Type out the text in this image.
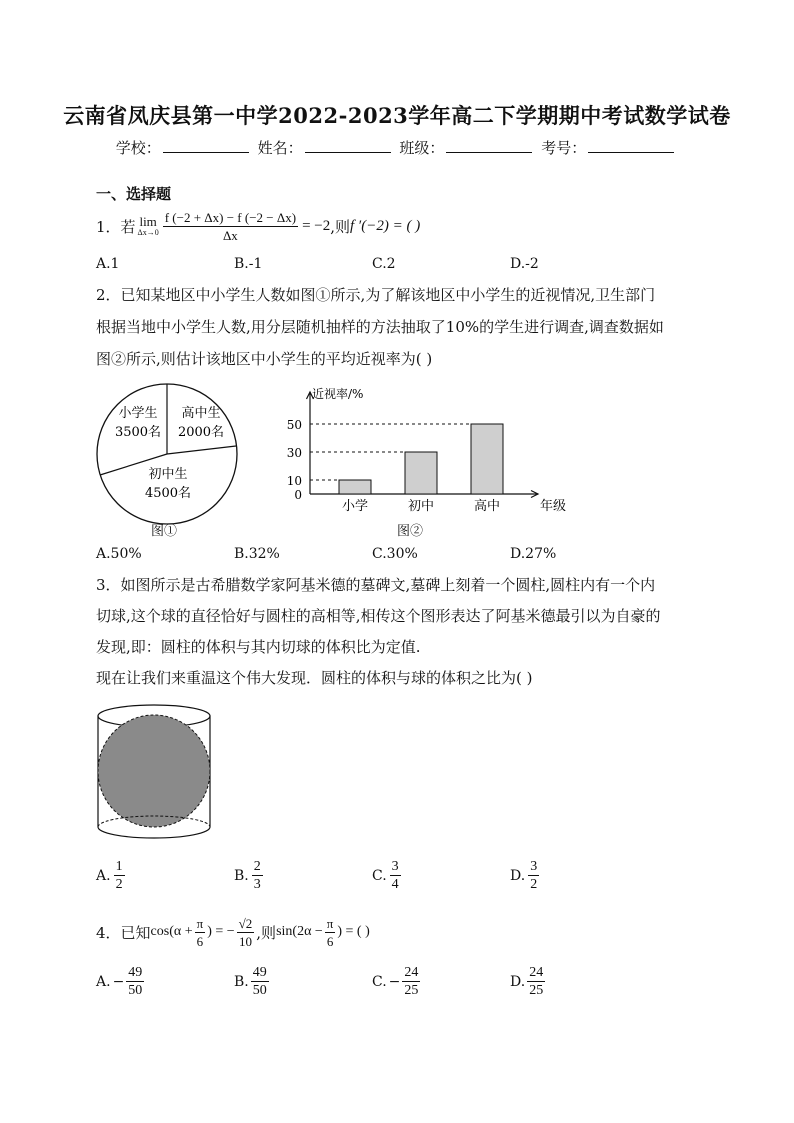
云南省凤庆县第一中学2022-2023学年高二下学期期中考试数学试卷
学校：	姓名：	班级：	考号：
一、选择题
1．若 lim
$\Delta x\to 0 \frac{f (-2 + \Delta x) - f (-2 - \Delta x)}{\Delta x} = -2$ ,则 f ′(−2) = ( )
A.1	B.-1	C.2	D.-2
2．已知某地区中小学生人数如图①所示,为了解该地区中小学生的近视情况,卫生部门
根据当地中小学生人数,用分层随机抽样的方法抽取了10%的学生进行调查,调查数据如
图②所示,则估计该地区中小学生的平均近视率为( )
小学生
3500名
高中生
2000名
初中生
4500名
图①
近视率/%
年级
0
10
30
50
小学	初中	高中
图②
A.50%	B.32%	C.30%	D.27%
3．如图所示是古希腊数学家阿基米德的墓碑文,墓碑上刻着一个圆柱,圆柱内有一个内
切球,这个球的直径恰好与圆柱的高相等,相传这个图形表达了阿基米德最引以为自豪的
发现,即：圆柱的体积与其内切球的体积比为定值.
现在让我们来重温这个伟大发现．圆柱的体积与球的体积之比为( )
A. $\frac{1}{2}$	B. $\frac{2}{3}$	C. $\frac{3}{4}$	D. $\frac{3}{2}$
4．已知 $\cos(\alpha + \frac{\pi}{6}$ ) = − $\frac{√2}{10}$ ,则 $\sin(2\alpha - \frac{\pi}{6}$ ) = ( )
A. − $\frac{49}{50}$	B. $\frac{49}{50}$	C. − $\frac{24}{25}$	D. $\frac{24}{25}$
